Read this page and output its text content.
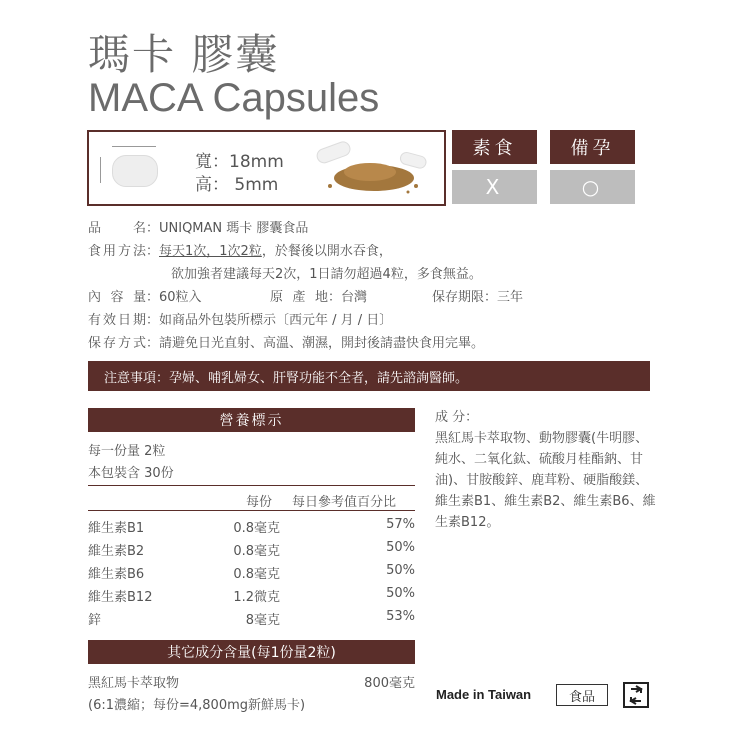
瑪卡 膠囊
MACA Capsules
寬：18mm
高： 5mm
素食	備孕
X	○
品名：UNIQMAN 瑪卡 膠囊食品
食用方法：每天1次，1次2粒，於餐後以開水吞食，
欲加強者建議每天2次，1日請勿超過4粒，多食無益。
內容量：60粒入	原產地：台灣	保存期限：三年
有效日期：如商品外包裝所標示〔西元年 / 月 / 日〕
保存方式：請避免日光直射、高溫、潮濕，開封後請盡快食用完畢。
注意事項：孕婦、哺乳婦女、肝腎功能不全者，請先諮詢醫師。
營養標示
每一份量 2粒
本包裝含 30份
每份 每日參考值百分比
維生素B1	0.8毫克	57%
維生素B2	0.8毫克	50%
維生素B6	0.8毫克	50%
維生素B12	1.2微克	50%
鋅	8毫克	53%
其它成分含量(每1份量2粒)
黑紅馬卡萃取物	800毫克
(6:1濃縮；每份=4,800mg新鮮馬卡)
成 分：
黑紅馬卡萃取物、動物膠囊(牛明膠、純水、二氧化鈦、硫酸月桂酯鈉、甘油)、甘胺酸鋅、鹿茸粉、硬脂酸鎂、維生素B1、維生素B2、維生素B6、維生素B12。
Made in Taiwan	食品
